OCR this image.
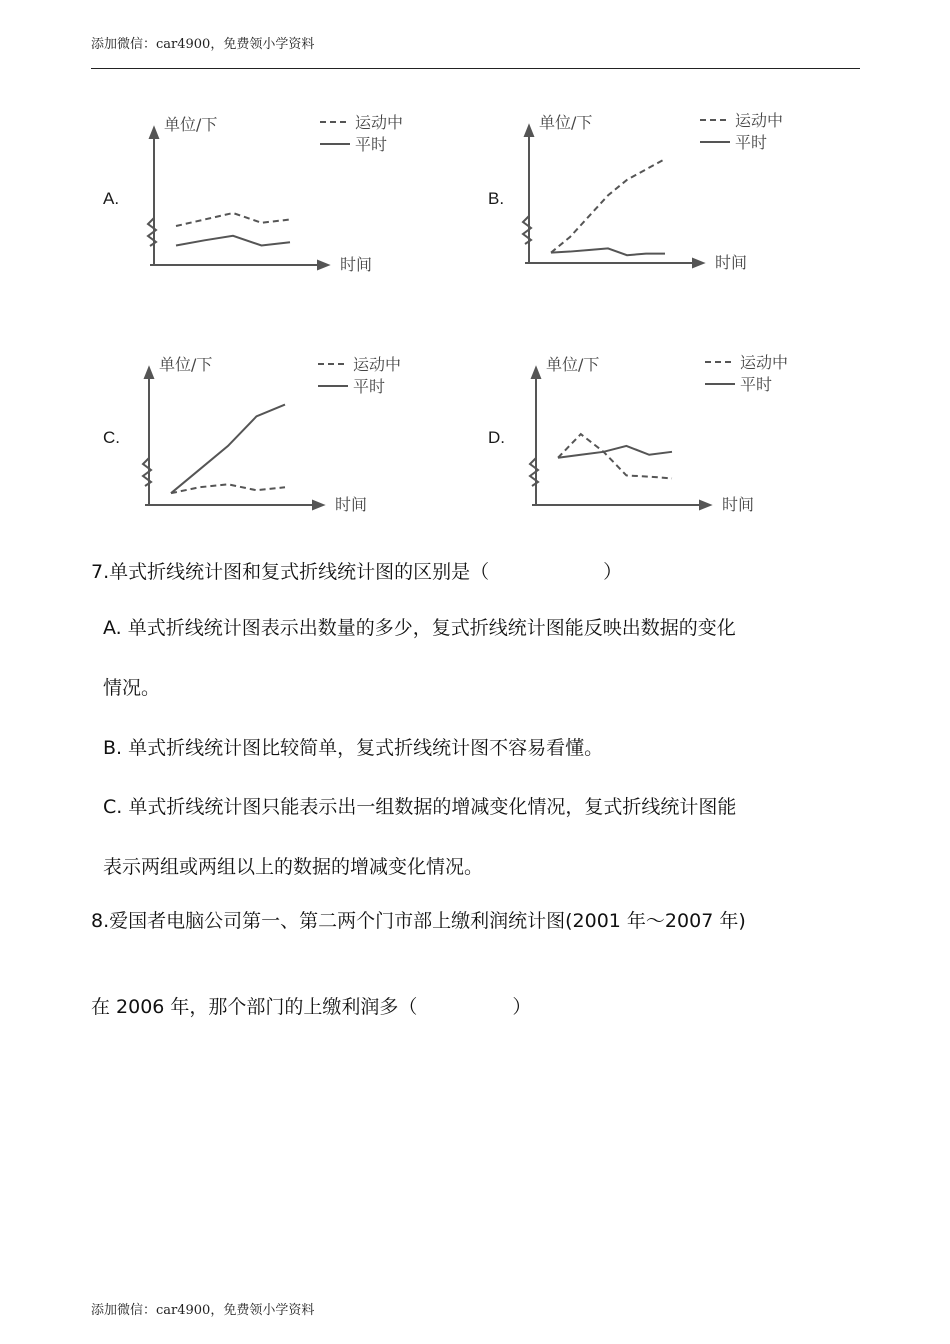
添加微信：car4900，免费领小学资料
A.	B.
C.	D.
单位/下
时间
运动中
平时
单位/下
时间
运动中
平时
单位/下
时间
运动中
平时
单位/下
时间
运动中
平时
7.单式折线统计图和复式折线统计图的区别是（　　　　　　）
A. 单式折线统计图表示出数量的多少，复式折线统计图能反映出数据的变化
情况。
B. 单式折线统计图比较简单，复式折线统计图不容易看懂。
C. 单式折线统计图只能表示出一组数据的增减变化情况，复式折线统计图能
表示两组或两组以上的数据的增减变化情况。
8.爱国者电脑公司第一、第二两个门市部上缴利润统计图(2001 年～2007 年)
在 2006 年，那个部门的上缴利润多（　　　　　）
添加微信：car4900，免费领小学资料
